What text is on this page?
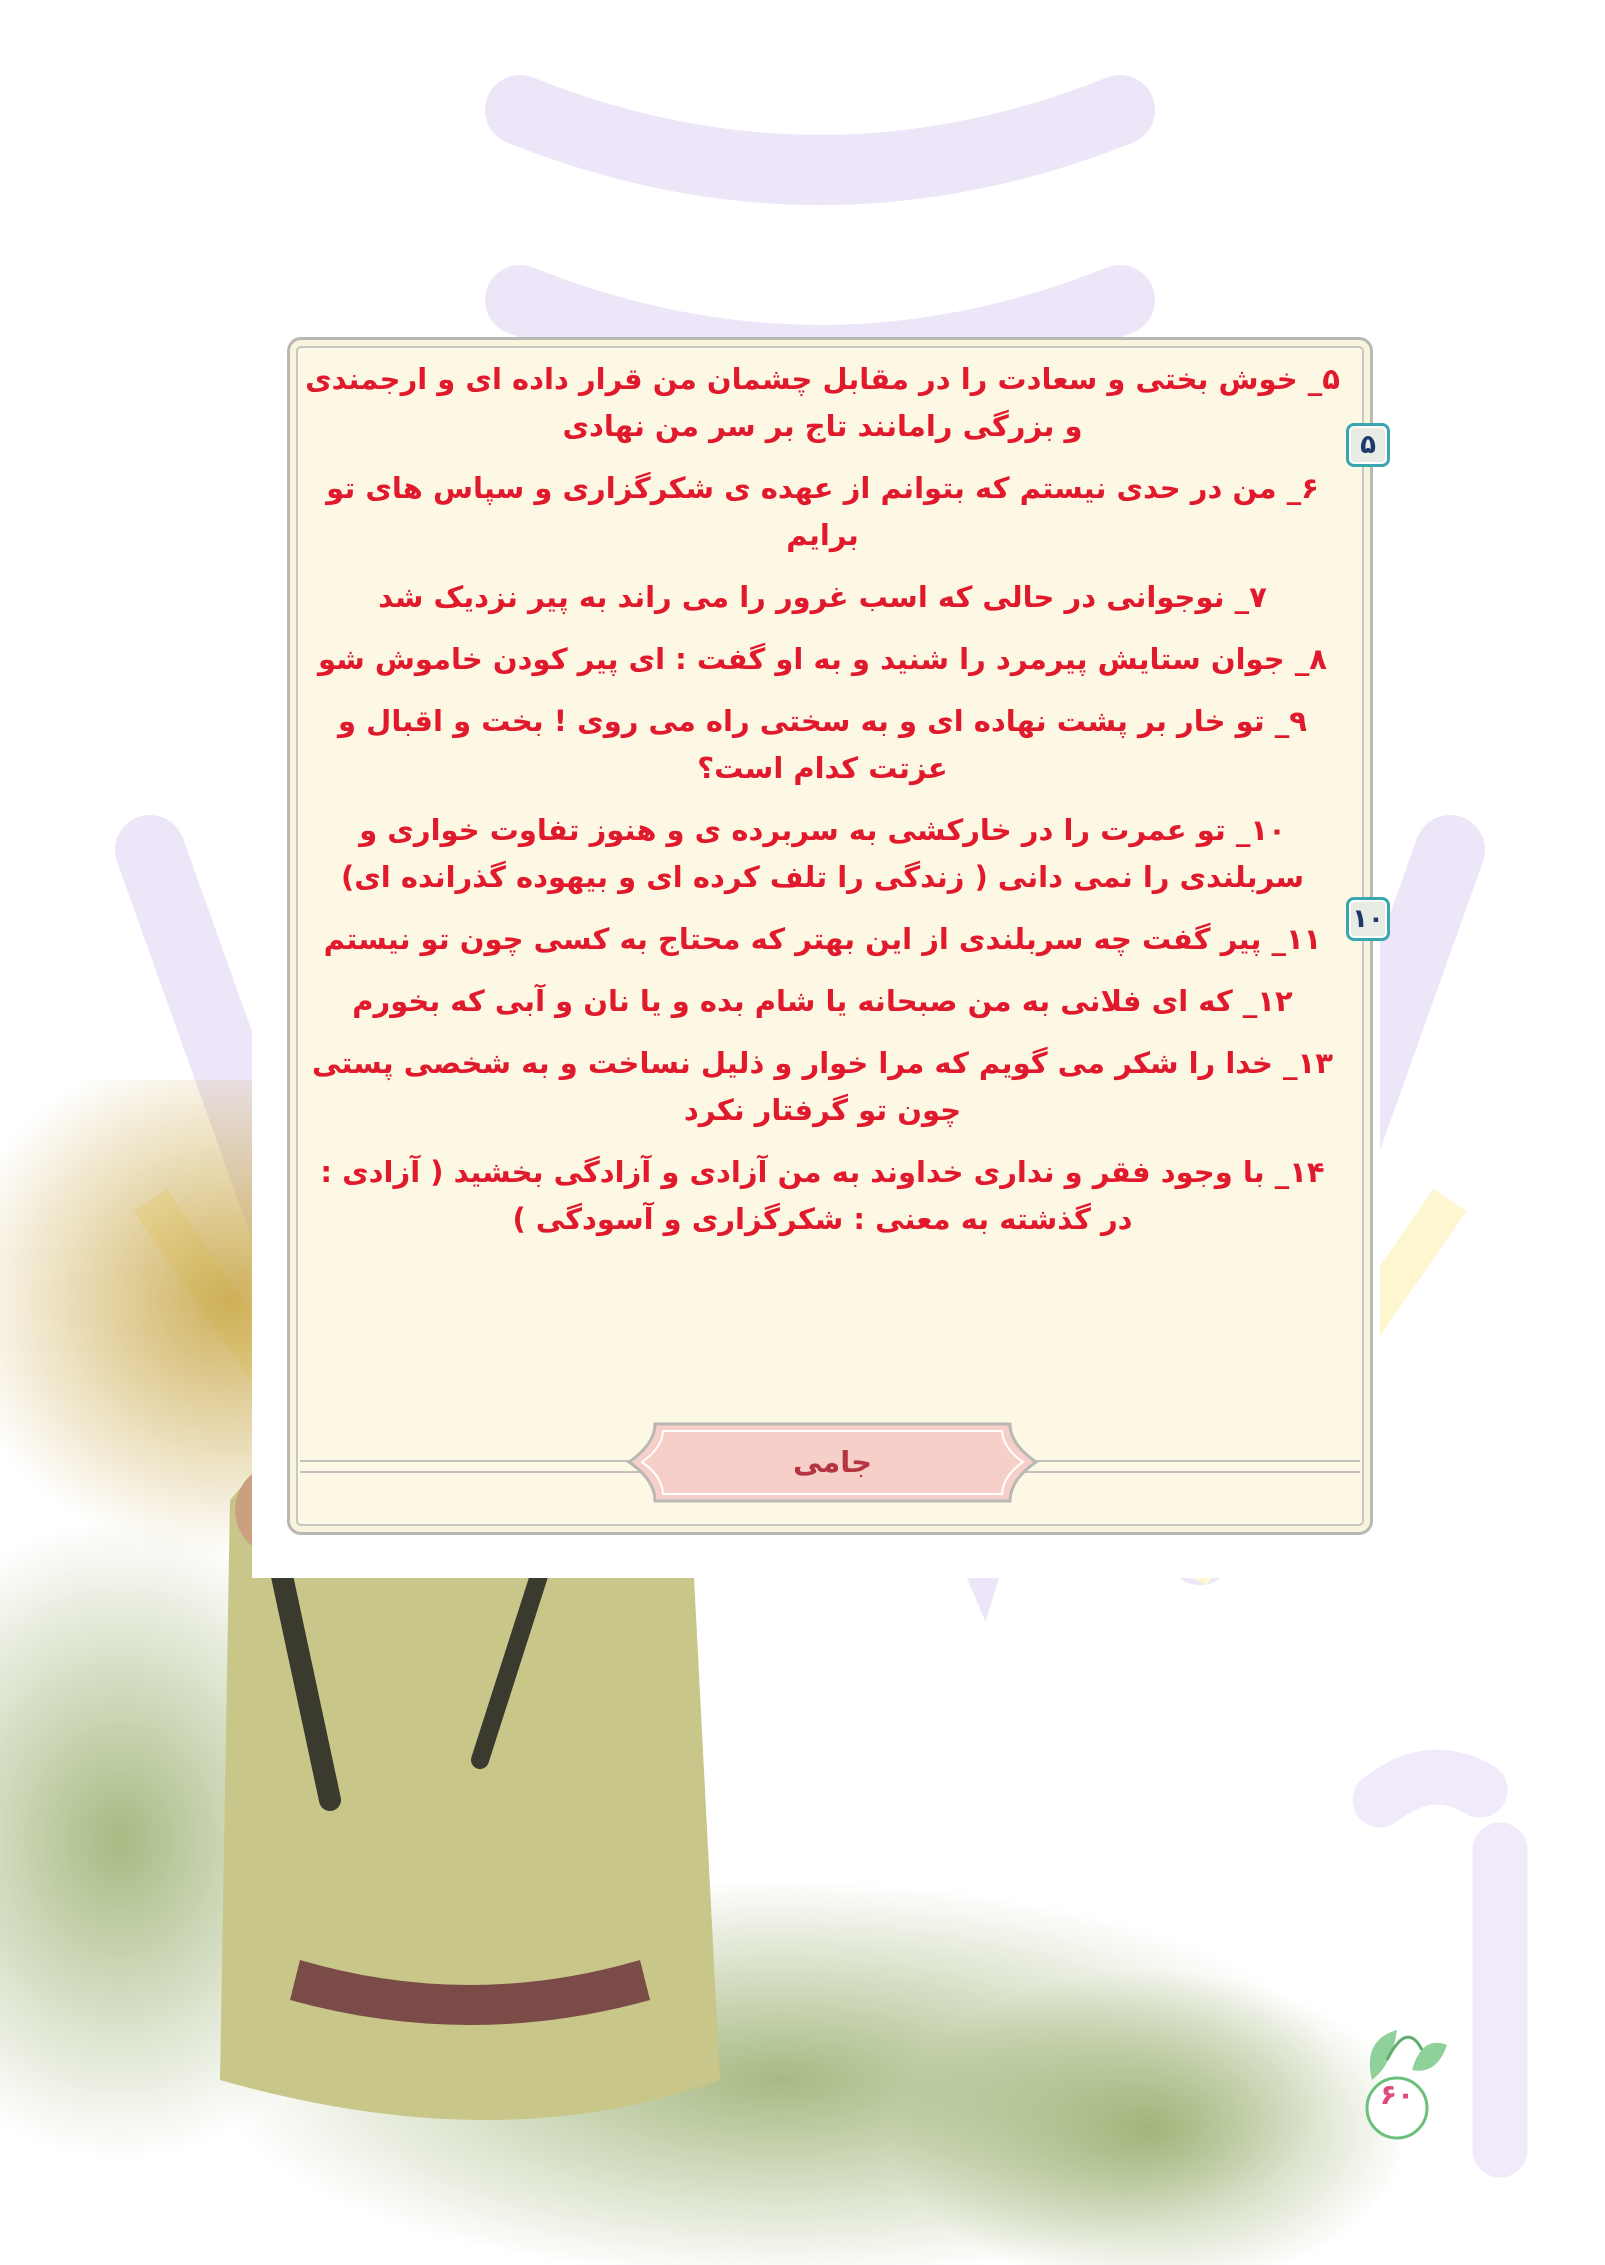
۵_ خوش بختی و سعادت را در مقابل چشمان من قرار داده ای و ارجمندی و بزرگی رامانند تاج بر سر من نهادی
۶_ من در حدی نیستم که بتوانم از عهده ی شکرگزاری و سپاس های تو برایم
۷_ نوجوانی در حالی که اسب غرور را می راند به پیر نزدیک شد
۸_ جوان ستایش پیرمرد را شنید و به او گفت : ای پیر کودن خاموش شو
۹_ تو خار بر پشت نهاده ای و به سختی راه می روی ! بخت و اقبال و عزتت کدام است؟
۱۰_ تو عمرت را در خارکشی به سربرده ی و هنوز تفاوت خواری و سربلندی را نمی دانی ( زندگی را تلف کرده ای و بیهوده گذرانده ای)
۱۱_ پیر گفت چه سربلندی از این بهتر که محتاج به کسی چون تو نیستم
۱۲_ که ای فلانی به من صبحانه یا شام بده و یا نان و آبی که بخورم
۱۳_ خدا را شکر می گویم که مرا خوار و ذلیل نساخت و به شخصی پستی چون تو گرفتار نکرد
۱۴_ با وجود فقر و نداری خداوند به من آزادی و آزادگی بخشید ( آزادی : در گذشته به معنی : شکرگزاری و آسودگی )
۵
۱۰
جامی
۶۰
